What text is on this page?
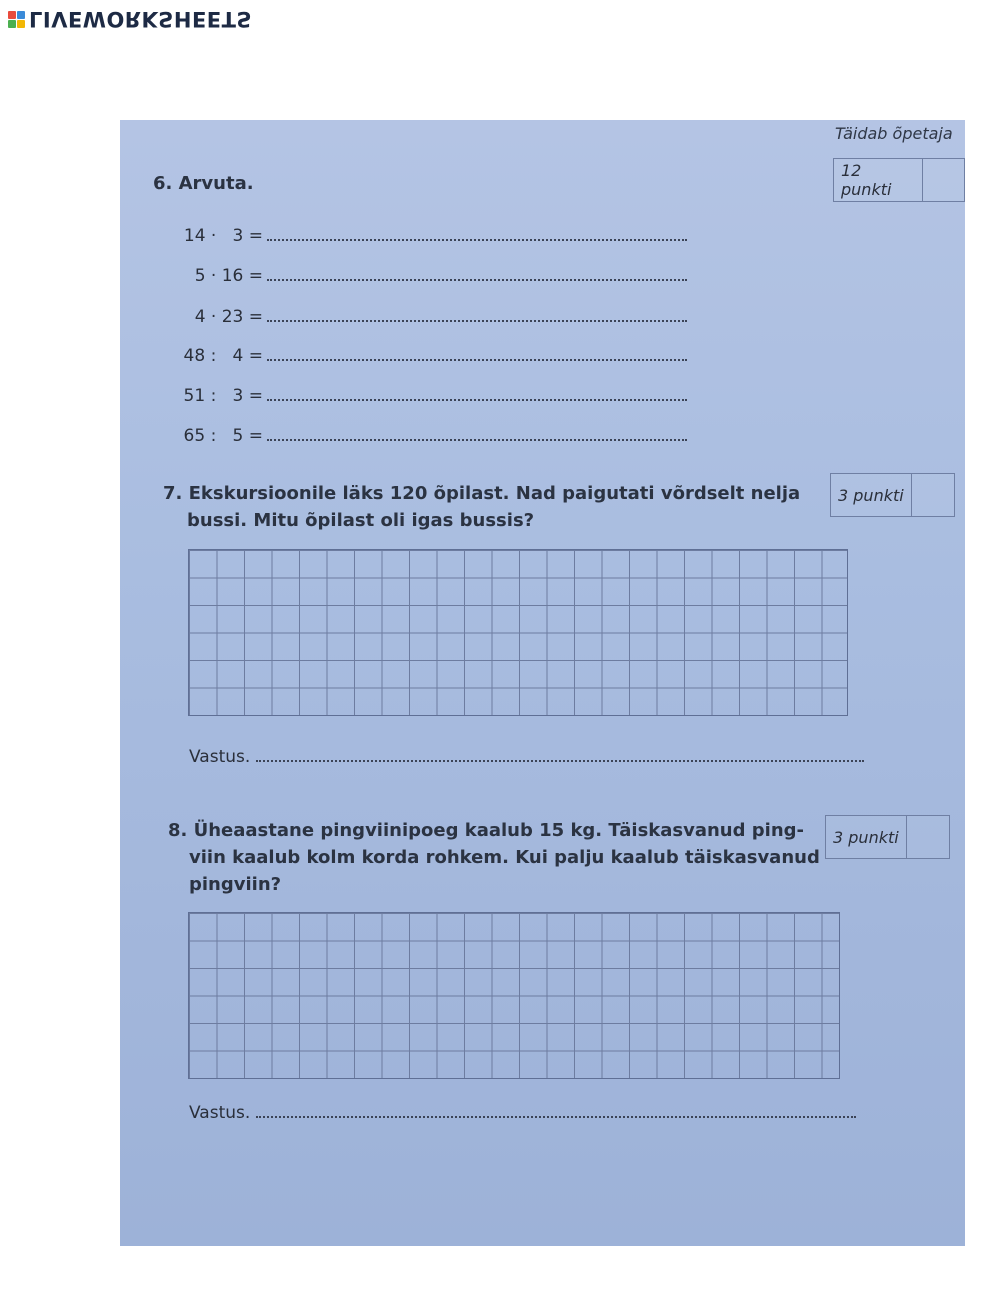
LIVEWORKSHEETS
Täidab õpetaja
6. Arvuta.
12 punkti
14 ·   3 =
5 · 16 =
4 · 23 =
48 :   4 =
51 :   3 =
65 :   5 =
7. Ekskursioonile läks 120 õpilast. Nad paigutati võrdselt nelja
bussi. Mitu õpilast oli igas bussis?
3 punkti
Vastus.
8. Üheaastane pingviinipoeg kaalub 15 kg. Täiskasvanud ping-
viin kaalub kolm korda rohkem. Kui palju kaalub täiskasvanud
pingviin?
3 punkti
Vastus.
